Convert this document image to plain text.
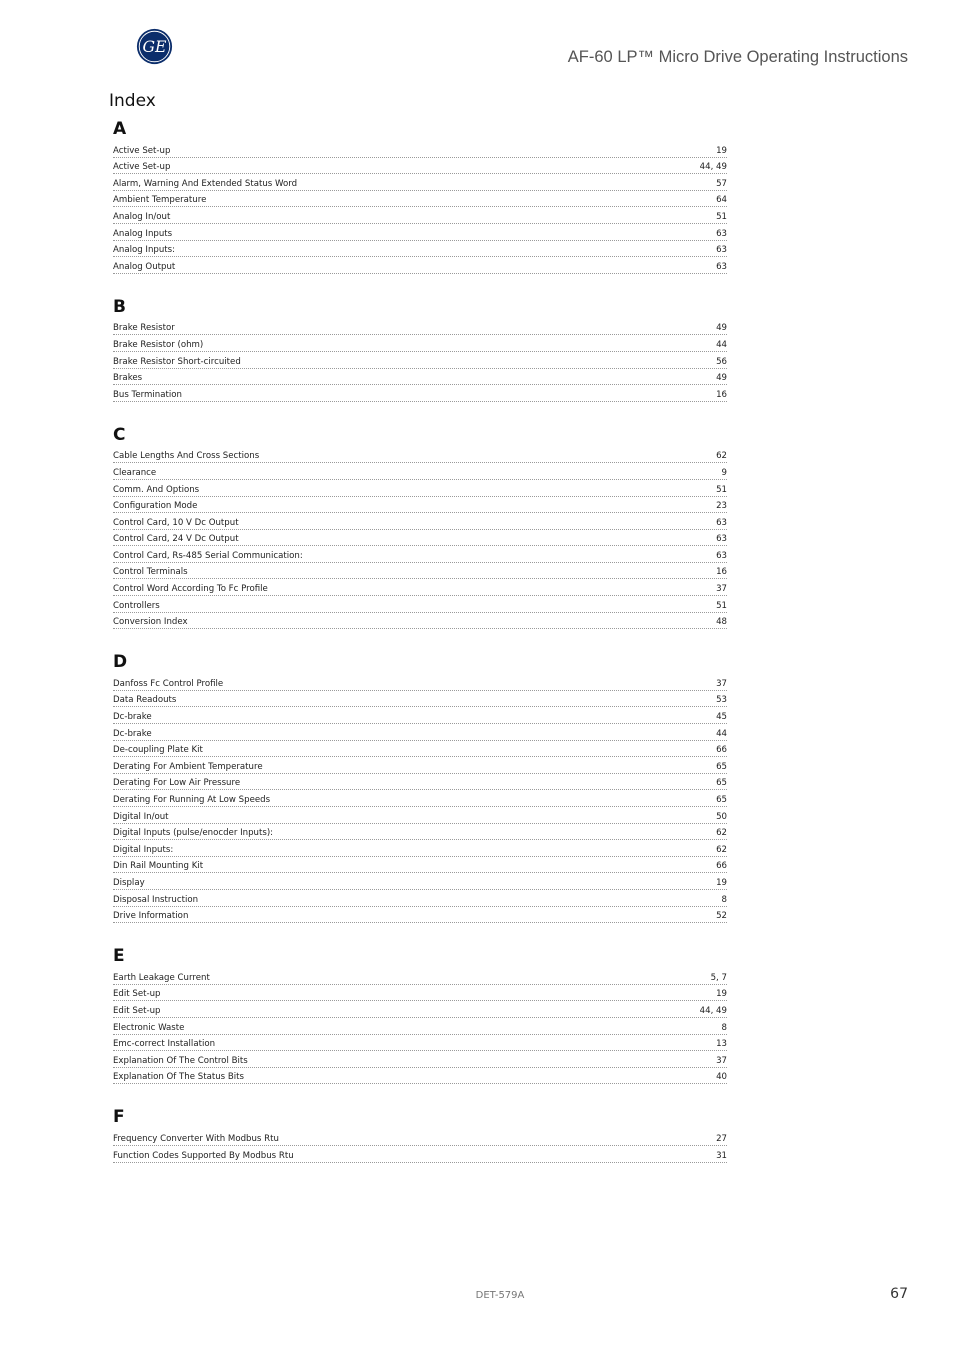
GE
AF-60 LP™ Micro Drive Operating Instructions
Index
A
Active Set-up	19
Active Set-up	44, 49
Alarm, Warning And Extended Status Word	57
Ambient Temperature	64
Analog In/out	51
Analog Inputs	63
Analog Inputs:	63
Analog Output	63
B
Brake Resistor	49
Brake Resistor (ohm)	44
Brake Resistor Short-circuited	56
Brakes	49
Bus Termination	16
C
Cable Lengths And Cross Sections	62
Clearance	9
Comm. And Options	51
Configuration Mode	23
Control Card, 10 V Dc Output	63
Control Card, 24 V Dc Output	63
Control Card, Rs-485 Serial Communication:	63
Control Terminals	16
Control Word According To Fc Profile	37
Controllers	51
Conversion Index	48
D
Danfoss Fc Control Profile	37
Data Readouts	53
Dc-brake	45
Dc-brake	44
De-coupling Plate Kit	66
Derating For Ambient Temperature	65
Derating For Low Air Pressure	65
Derating For Running At Low Speeds	65
Digital In/out	50
Digital Inputs (pulse/enocder Inputs):	62
Digital Inputs:	62
Din Rail Mounting Kit	66
Display	19
Disposal Instruction	8
Drive Information	52
E
Earth Leakage Current	5, 7
Edit Set-up	19
Edit Set-up	44, 49
Electronic Waste	8
Emc-correct Installation	13
Explanation Of The Control Bits	37
Explanation Of The Status Bits	40
F
Frequency Converter With Modbus Rtu	27
Function Codes Supported By Modbus Rtu	31
DET-579A	67
